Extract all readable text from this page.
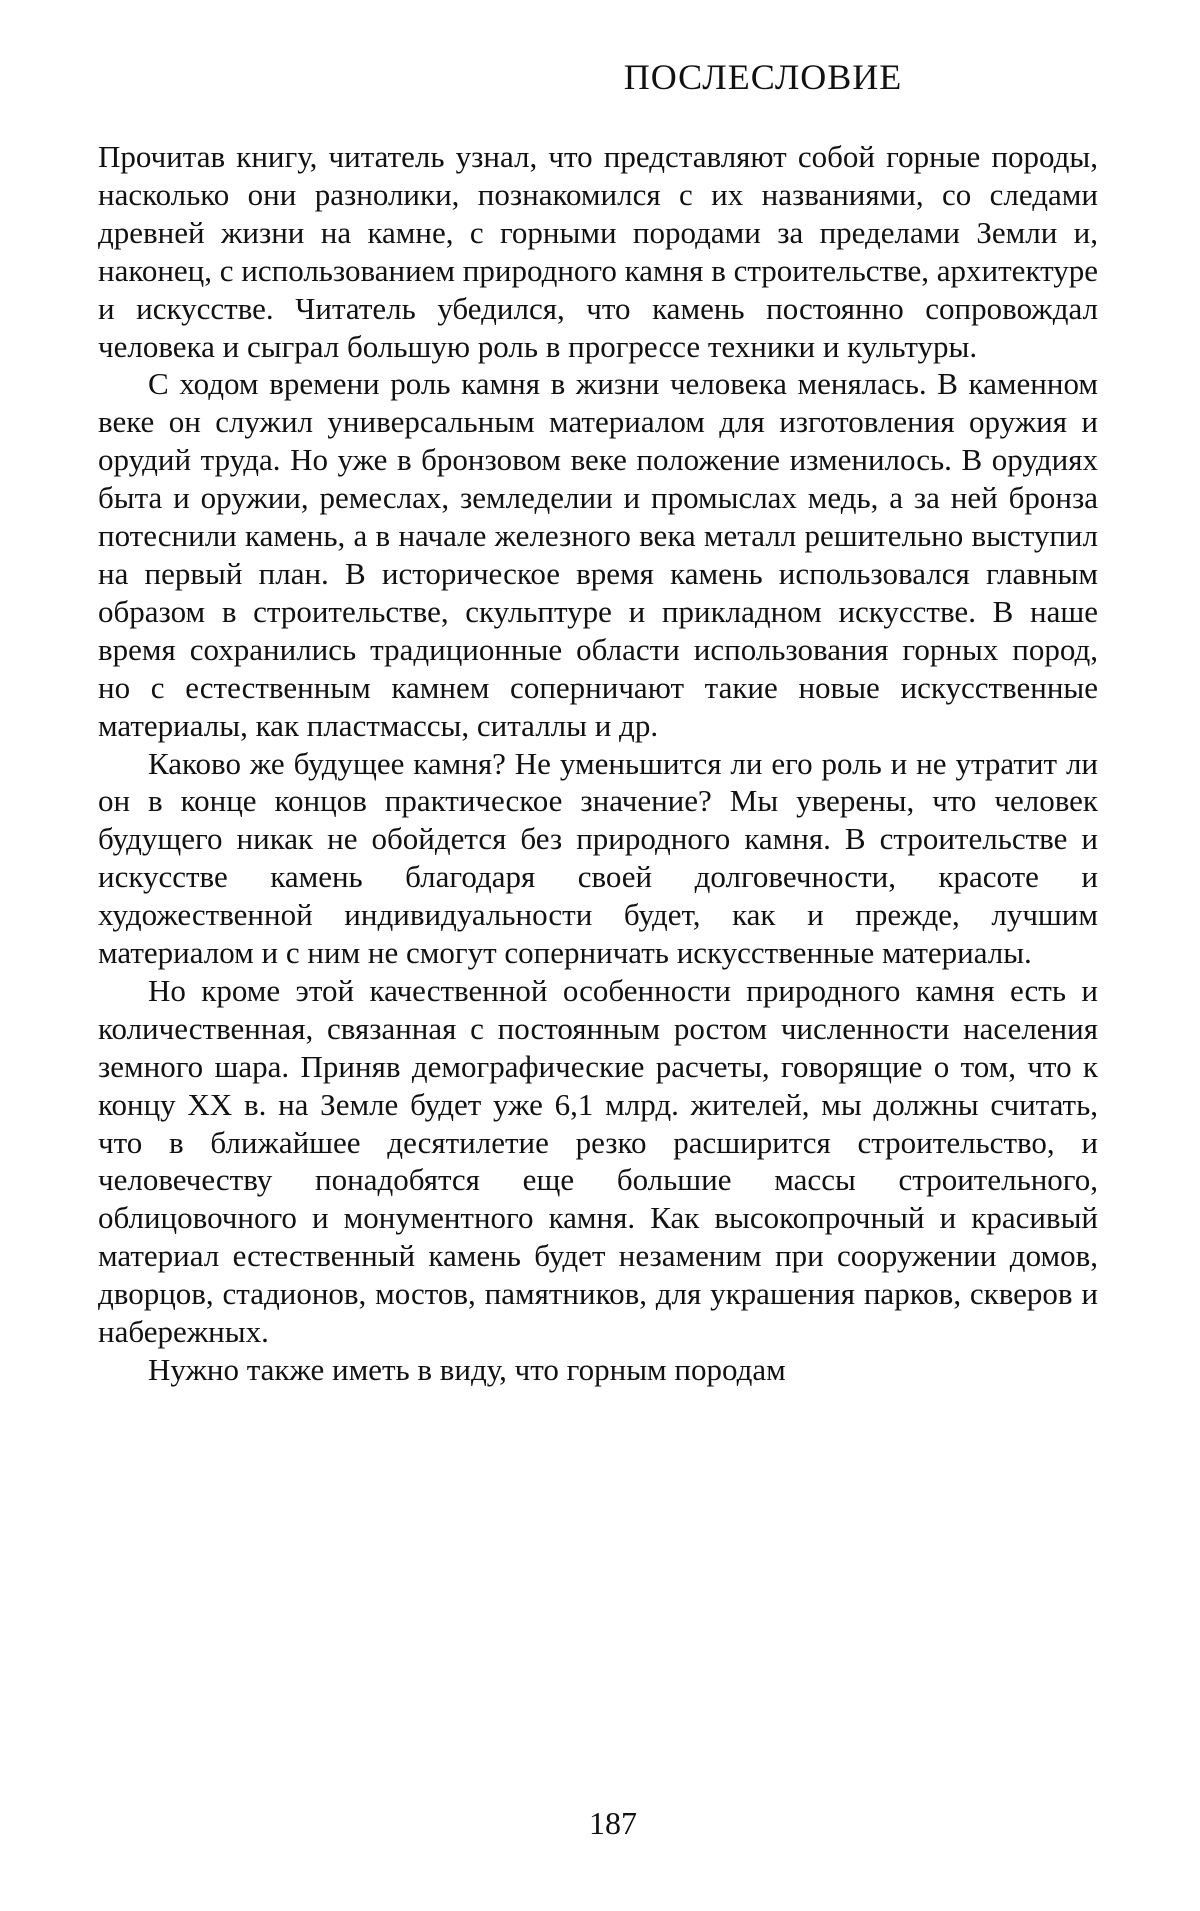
ПОСЛЕСЛОВИЕ

Прочитав книгу, читатель узнал, что представляют собой горные породы, насколько они разнолики, познакомился с их названиями, со следами древней жизни на камне, с горными породами за пределами Земли и, наконец, с использованием природного камня в строительстве, архитектуре и искусстве. Читатель убедился, что камень постоянно сопровождал человека и сыграл большую роль в прогрессе техники и культуры.

С ходом времени роль камня в жизни человека менялась. В каменном веке он служил универсальным материалом для изготовления оружия и орудий труда. Но уже в бронзовом веке положение изменилось. В орудиях быта и оружии, ремеслах, земледелии и промыслах медь, а за ней бронза потеснили камень, а в начале железного века металл решительно выступил на первый план. В историческое время камень использовался главным образом в строительстве, скульптуре и прикладном искусстве. В наше время сохранились традиционные области использования горных пород, но с естественным камнем соперничают такие новые искусственные материалы, как пластмассы, ситаллы и др.

Каково же будущее камня? Не уменьшится ли его роль и не утратит ли он в конце концов практическое значение? Мы уверены, что человек будущего никак не обойдется без природного камня. В строительстве и искусстве камень благодаря своей долговечности, красоте и художественной индивидуальности будет, как и прежде, лучшим материалом и с ним не смогут соперничать искусственные материалы.

Но кроме этой качественной особенности природного камня есть и количественная, связанная с постоянным ростом численности населения земного шара. Приняв демографические расчеты, говорящие о том, что к концу XX в. на Земле будет уже 6,1 млрд. жителей, мы должны считать, что в ближайшее десятилетие резко расширится строительство, и человечеству понадобятся еще большие массы строительного, облицовочного и монументного камня. Как высокопрочный и красивый материал естественный камень будет незаменим при сооружении домов, дворцов, стадионов, мостов, памятников, для украшения парков, скверов и набережных.

Нужно также иметь в виду, что горным породам

187
